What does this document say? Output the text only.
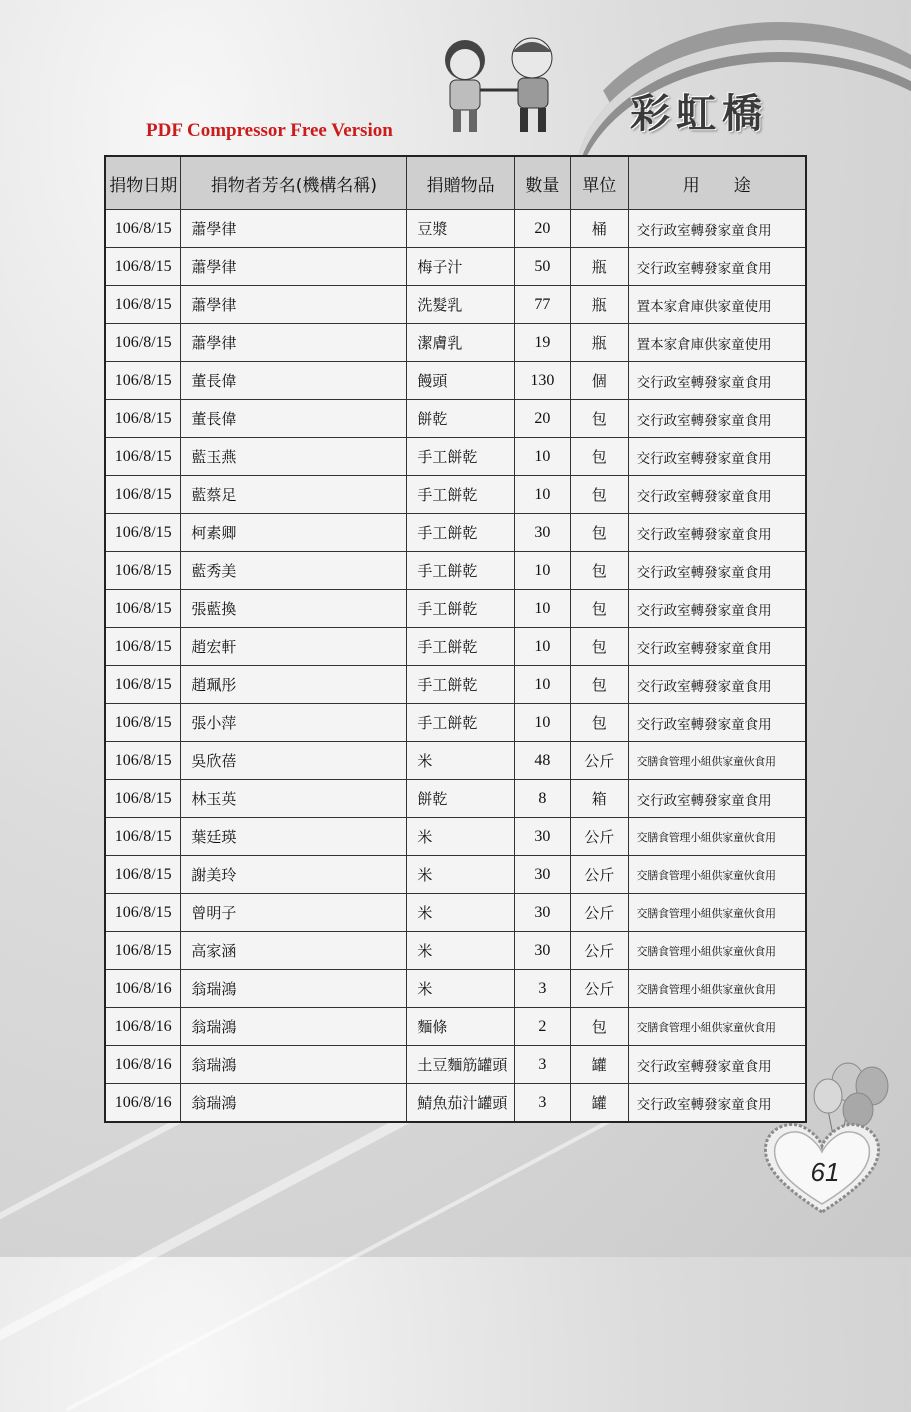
彩虹橋
PDF Compressor Free Version
捐物日期	捐物者芳名(機構名稱)	捐贈物品	數量	單位	用　　途
106/8/15	蕭學律	豆漿	20	桶	交行政室轉發家童食用
106/8/15	蕭學律	梅子汁	50	瓶	交行政室轉發家童食用
106/8/15	蕭學律	洗髮乳	77	瓶	置本家倉庫供家童使用
106/8/15	蕭學律	潔膚乳	19	瓶	置本家倉庫供家童使用
106/8/15	董長偉	饅頭	130	個	交行政室轉發家童食用
106/8/15	董長偉	餅乾	20	包	交行政室轉發家童食用
106/8/15	藍玉燕	手工餅乾	10	包	交行政室轉發家童食用
106/8/15	藍蔡足	手工餅乾	10	包	交行政室轉發家童食用
106/8/15	柯素卿	手工餅乾	30	包	交行政室轉發家童食用
106/8/15	藍秀美	手工餅乾	10	包	交行政室轉發家童食用
106/8/15	張藍換	手工餅乾	10	包	交行政室轉發家童食用
106/8/15	趙宏軒	手工餅乾	10	包	交行政室轉發家童食用
106/8/15	趙珮彤	手工餅乾	10	包	交行政室轉發家童食用
106/8/15	張小萍	手工餅乾	10	包	交行政室轉發家童食用
106/8/15	吳欣蓓	米	48	公斤	交膳食管理小組供家童伙食用
106/8/15	林玉英	餅乾	8	箱	交行政室轉發家童食用
106/8/15	葉廷瑛	米	30	公斤	交膳食管理小組供家童伙食用
106/8/15	謝美玲	米	30	公斤	交膳食管理小組供家童伙食用
106/8/15	曾明子	米	30	公斤	交膳食管理小組供家童伙食用
106/8/15	高家涵	米	30	公斤	交膳食管理小組供家童伙食用
106/8/16	翁瑞鴻	米	3	公斤	交膳食管理小組供家童伙食用
106/8/16	翁瑞鴻	麵條	2	包	交膳食管理小組供家童伙食用
106/8/16	翁瑞鴻	土豆麵筋罐頭	3	罐	交行政室轉發家童食用
106/8/16	翁瑞鴻	鯖魚茄汁罐頭	3	罐	交行政室轉發家童食用
61
